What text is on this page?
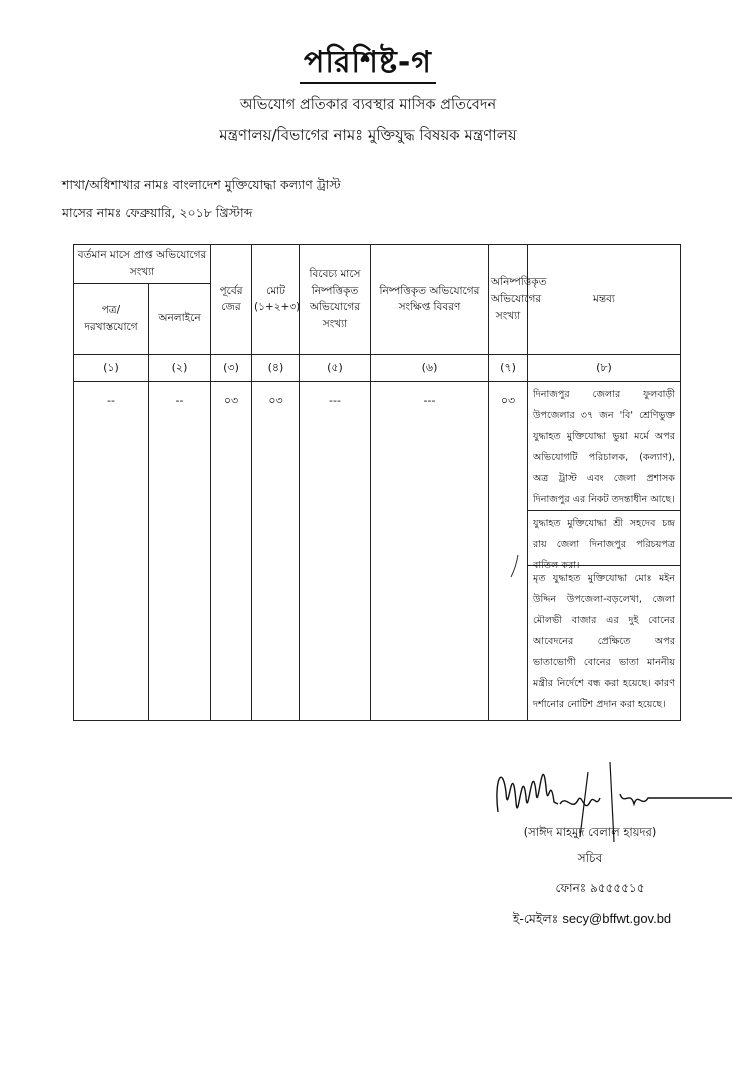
পরিশিষ্ট-গ
অভিযোগ প্রতিকার ব্যবস্থার মাসিক প্রতিবেদন
মন্ত্রণালয়/বিভাগের নামঃ মুক্তিযুদ্ধ বিষয়ক মন্ত্রণালয়
শাখা/অধিশাখার নামঃ বাংলাদেশ মুক্তিযোদ্ধা কল্যাণ ট্রাস্ট
মাসের নামঃ ফেব্রুয়ারি, ২০১৮ খ্রিস্টাব্দ
বর্তমান মাসে প্রাপ্ত অভিযোগের সংখ্যা		পূর্বের জের	মোট (১+২+৩)	বিবেচ্য মাসে নিষ্পত্তিকৃত অভিযোগের সংখ্যা	নিষ্পত্তিকৃত অভিযোগের সংক্ষিপ্ত বিবরণ	অনিষ্পত্তিকৃত অভিযোগের সংখ্যা	মন্তব্য
পত্র/দরখাস্তযোগে	অনলাইনে						
(১)	(২)	(৩)	(৪)	(৫)	(৬)	(৭)	(৮)
--	--	০৩	০৩	---	---	০৩	দিনাজপুর জেলার ফুলবাড়ী উপজেলার ৩৭ জন 'বি' শ্রেণিভুক্ত যুদ্ধাহত মুক্তিযোদ্ধা ভুয়া মর্মে অপর অভিযোগটি পরিচালক, (কল্যাণ), অত্র ট্রাস্ট এবং জেলা প্রশাসক দিনাজপুর এর নিকট তদন্তাধীন আছে।
যুদ্ধাহত মুক্তিযোদ্ধা শ্রী সহদেব চন্দ্র রায় জেলা দিনাজপুর পরিচয়পত্র বাতিল করা।
মৃত যুদ্ধাহত মুক্তিযোদ্ধা মোঃ মইন উদ্দিন উপজেলা-বড়লেখা, জেলা মৌলভী বাজার এর দুই বোনের আবেদনের প্রেক্ষিতে অপর ভাতাভোগী বোনের ভাতা মাননীয় মন্ত্রীর নির্দেশে বন্ধ করা হয়েছে। কারণ দর্শানোর নোটিশ প্রদান করা হয়েছে।
(সাঈদ মাহমুদ বেলাল হায়দর)
সচিব
ফোনঃ ৯৫৫৫৫১৫
ই-মেইলঃ secy@bffwt.gov.bd
